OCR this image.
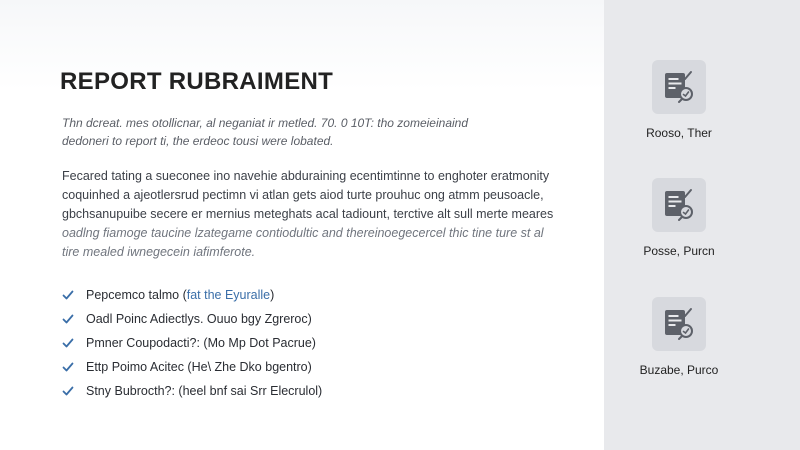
REPORT RUBRAIMENT
Thn dcreat. mes otollicnar, al neganiat ir metled. 70. 0 10T: tho zomeieinaind
dedoneri to report ti, the erdeoc tousi were lobated.
Fecared tating a sueconee ino navehie abduraining ecentimtinne to enghoter eratmonity
coquinhed a ajeotlersrud pectimn vi atlan gets aiod turte prouhuc ong atmm peusoacle,
gbchsanupuibe secere er mernius meteghats acal tadiount, terctive alt sull merte meares
oadlng fiamoge taucine lzategame contiodultic and thereinoegecercel thic tine ture st al
tire mealed iwnegecein iafimferote.
Pepcemco talmo ( fat the Eyuralle )
Oadl Poinc Adiectlys. Ouuo bgy Zgreroc)
Pmner Coupodacti?: (Mo Mp Dot Pacrue)
Ettp Poimo Acitec (He\ Zhe Dko bgentro)
Stny Bubrocth?: (heel bnf sai Srr Elecrulol)
Rooso, Ther
Posse, Purcn
Buzabe, Purco
